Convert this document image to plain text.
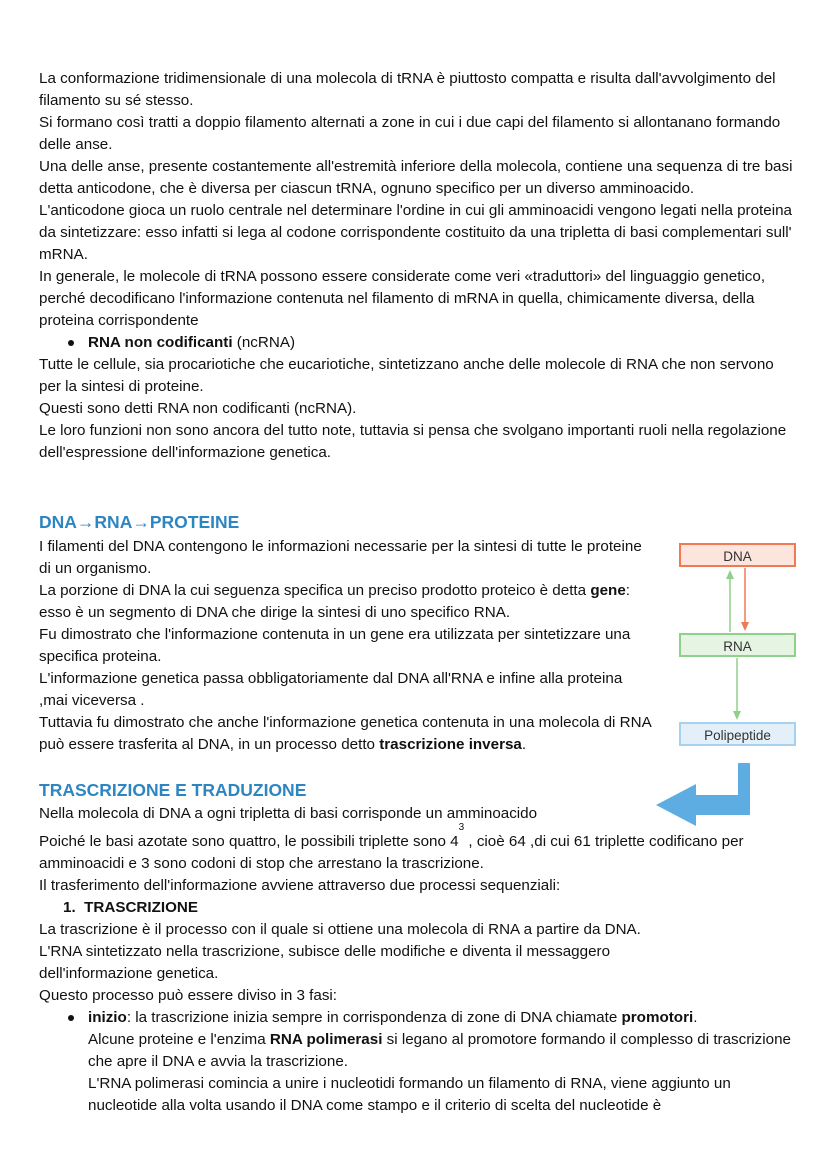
La conformazione tridimensionale di una molecola di tRNA è piuttosto compatta e risulta dall'avvolgimento del filamento su sé stesso.

Si formano così tratti a doppio filamento alternati a zone in cui i due capi del filamento si allontanano formando delle anse.

Una delle anse, presente costantemente all'estremità inferiore della molecola, contiene una sequenza di tre basi detta anticodone, che è diversa per ciascun tRNA, ognuno specifico per un diverso amminoacido.

L'anticodone gioca un ruolo centrale nel determinare l'ordine in cui gli amminoacidi vengono legati nella proteina da sintetizzare: esso infatti si lega al codone corrispondente costituito da una tripletta di basi complementari sull' mRNA.

In generale, le molecole di tRNA possono essere considerate come veri «traduttori» del linguaggio genetico, perché decodificano l'informazione contenuta nel filamento di mRNA in quella, chimicamente diversa, della proteina corrispondente

RNA non codificanti (ncRNA)

Tutte le cellule, sia procariotiche che eucariotiche, sintetizzano anche delle molecole di RNA che non servono per la sintesi di proteine.

Questi sono detti RNA non codificanti (ncRNA).

Le loro funzioni non sono ancora del tutto note, tuttavia si pensa che svolgano importanti ruoli nella regolazione dell'espressione dell'informazione genetica.

DNA→RNA→PROTEINE

I filamenti del DNA contengono le informazioni necessarie per la sintesi di tutte le proteine di un organismo.

La porzione di DNA la cui seguenza specifica un preciso prodotto proteico è detta gene: esso è un segmento di DNA che dirige la sintesi di uno specifico RNA.

Fu dimostrato che l'informazione contenuta in un gene era utilizzata per sintetizzare una specifica proteina.

L'informazione genetica passa obbligatoriamente dal DNA all'RNA e infine alla proteina ,mai viceversa .

Tuttavia fu dimostrato che anche l'informazione genetica contenuta in una molecola di RNA può essere trasferita al DNA, in un processo detto trascrizione inversa.

DNA
RNA
Polipeptide
TRASCRIZIONE E TRADUZIONE

Nella molecola di DNA a ogni tripletta di basi corrisponde un amminoacido

Poiché le basi azotate sono quattro, le possibili triplette sono $4^3$ , cioè 64 ,di cui 61 triplette codificano per amminoacidi e 3 sono codoni di stop che arrestano la trascrizione.

Il trasferimento dell'informazione avviene attraverso due processi sequenziali:

1. TRASCRIZIONE

La trascrizione è il processo con il quale si ottiene una molecola di RNA a partire da DNA.

L'RNA sintetizzato nella trascrizione, subisce delle modifiche e diventa il messaggero dell'informazione genetica.

Questo processo può essere diviso in 3 fasi:

inizio: la trascrizione inizia sempre in corrispondenza di zone di DNA chiamate promotori.

Alcune proteine e l'enzima RNA polimerasi si legano al promotore formando il complesso di trascrizione che apre il DNA e avvia la trascrizione.

L'RNA polimerasi comincia a unire i nucleotidi formando un filamento di RNA, viene aggiunto un nucleotide alla volta usando il DNA come stampo e il criterio di scelta del nucleotide è
